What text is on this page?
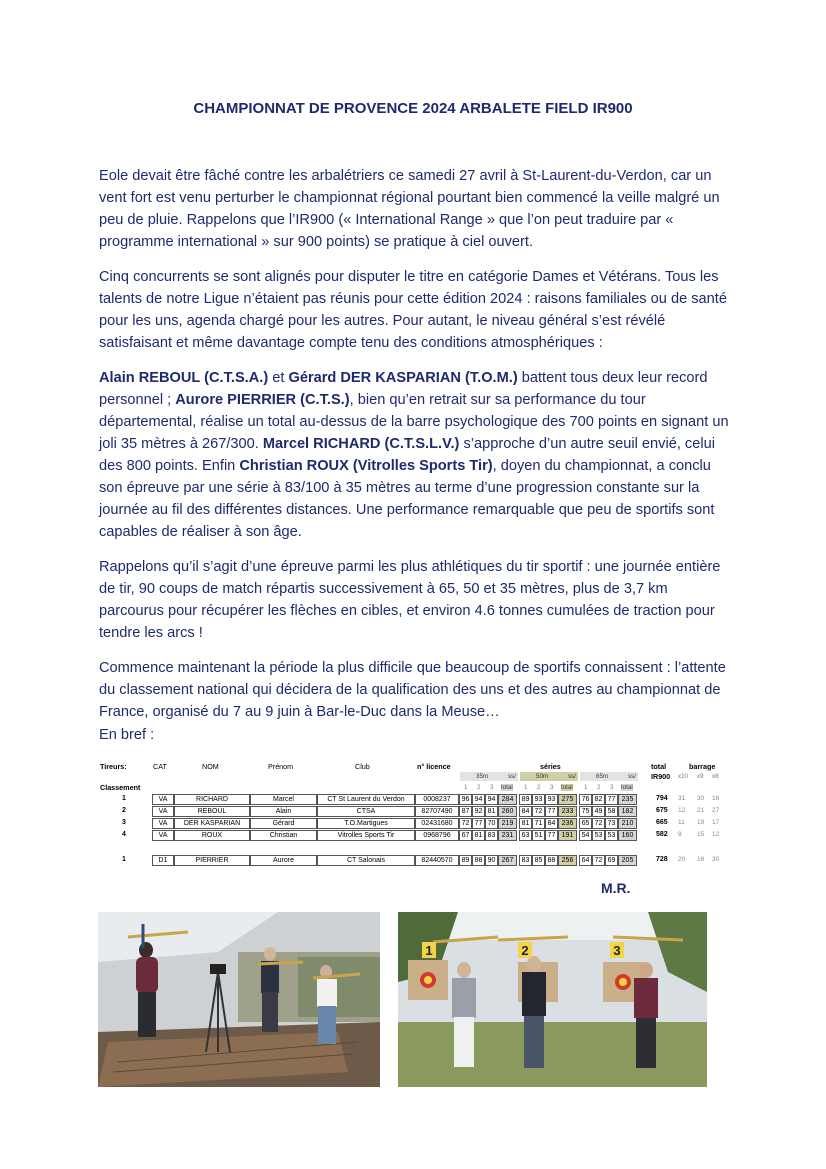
CHAMPIONNAT DE PROVENCE 2024 ARBALETE FIELD IR900

Eole devait être fâché contre les arbalétriers ce samedi 27 avril à St-Laurent-du-Verdon, car un vent fort est venu perturber le championnat régional pourtant bien commencé la veille malgré un peu de pluie. Rappelons que l’IR900 (« International Range » que l’on peut traduire par « programme international » sur 900 points) se pratique à ciel ouvert.

Cinq concurrents se sont alignés pour disputer le titre en catégorie Dames et Vétérans. Tous les talents de notre Ligue n’étaient pas réunis pour cette édition 2024 : raisons familiales ou de santé pour les uns, agenda chargé pour les autres. Pour autant, le niveau général s’est révélé satisfaisant et même davantage compte tenu des conditions atmosphériques :

Alain REBOUL (C.T.S.A.) et Gérard DER KASPARIAN (T.O.M.) battent tous deux leur record personnel ; Aurore PIERRIER (C.T.S.), bien qu’en retrait sur sa performance du tour départemental, réalise un total au-dessus de la barre psychologique des 700 points en signant un joli 35 mètres à 267/300. Marcel RICHARD (C.T.S.L.V.) s’approche d’un autre seuil envié, celui des 800 points. Enfin Christian ROUX (Vitrolles Sports Tir), doyen du championnat, a conclu son épreuve par une série à 83/100 à 35 mètres au terme d’une progression constante sur la journée au fil des différentes distances. Une performance remarquable que peu de sportifs sont capables de réaliser à son âge.

Rappelons qu’il s’agit d’une épreuve parmi les plus athlétiques du tir sportif : une journée entière de tir, 90 coups de match répartis successivement à 65, 50 et 35 mètres, plus de 3,7 km parcourus pour récupérer les flèches en cibles, et environ 4.6 tonnes cumulées de traction pour tendre les arcs !

Commence maintenant la période la plus difficile que beaucoup de sportifs connaissent : l’attente du classement national qui décidera de la qualification des uns et des autres au championnat de France, organisé du 7 au 9 juin à Bar-le-Duc dans la Meuse…

En bref :
Tireurs:	CAT	NOM	Prénom	Club	n° licence	séries	total
IR900
barrage
Classement
35m	ss/	50m	ss/	65m	ss/
1 2 3 total 1 2 3 total 1 2 3 total
x10 x9 x8
1	VA	RICHARD	Marcel	CT St Laurent du Verdon	0008237	96 94 94 284	89 93 93 275	76 82 77 235	794 31 30 16
2	VA	REBOUL	Alain	CTSA	82707490	87 92 81 260	84 72 77 233	75 49 58 182	675 12 21 27
3	VA	DER KASPARIAN	Gérard	T.O.Martigues	02431680	72 77 70 219	81 71 84 236	65 72 73 210	665 11 19 17
4	VA	ROUX	Christian	Vitrolles Sports Tir	0968796	67 81 83 231	63 51 77 191	54 53 53 160	582 9 15 12
1	D1	PIERRIER	Aurore	CT Salonais	82440570	89 88 90 267	83 85 88 256	64 72 69 205	728 20 16 30
M.R.
1	2	3
